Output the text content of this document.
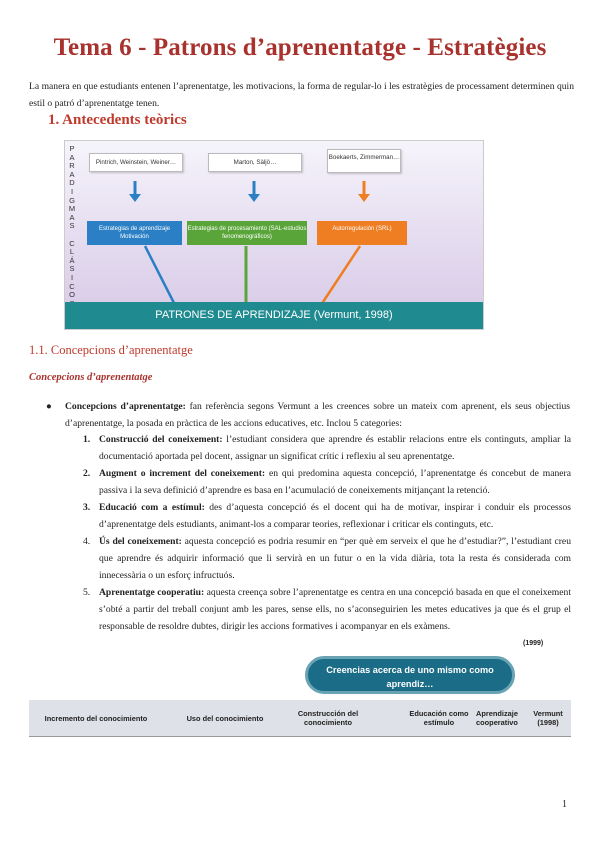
Tema 6 - Patrons d’aprenentatge - Estratègies
La manera en que estudiants entenen l’aprenentatge, les motivacions, la forma de regular-lo i les estratègies de processament determinen quin estil o patró d’aprenentatge tenen.
1. Antecedents teòrics
P
A
R
A
D
I
G
M
A
S

C
L
Á
S
I
C
O
Pintrich, Weinstein, Weiner…	Marton, Säljö…
Boekaerts, Zimmerman…
Estrategias de aprendizaje Motivación
Estrategias de procesamiento (SAL-estudios fenomenográficos)
Autorregulación (SRL)
PATRONES DE APRENDIZAJE (Vermunt, 1998)
1.1. Concepcions d’aprenentatge
Concepcions d’aprenentatge
● Concepcions d’aprenentatge: fan referència segons Vermunt a les creences sobre un mateix com aprenent, els seus objectius d’aprenentatge, la posada en pràctica de les accions educatives, etc. Inclou 5 categories:
1. Construcció del coneixement: l’estudiant considera que aprendre és establir relacions entre els continguts, ampliar la documentació aportada pel docent, assignar un significat crític i reflexiu al seu aprenentatge.
2. Augment o increment del coneixement: en qui predomina aquesta concepció, l’aprenentatge és concebut de manera passiva i la seva definició d’aprendre es basa en l’acumulació de coneixements mitjançant la retenció.
3. Educació com a estímul: des d’aquesta concepció és el docent qui ha de motivar, inspirar i conduir els processos d’aprenentatge dels estudiants, animant-los a comparar teories, reflexionar i criticar els continguts, etc.
4. Ús del coneixement: aquesta concepció es podria resumir en “per què em serveix el que he d’estudiar?”, l’estudiant creu que aprendre és adquirir informació que li servirà en un futur o en la vida diària, tota la resta és considerada com innecessària o un esforç infructuós.
5. Aprenentatge cooperatiu: aquesta creença sobre l’aprenentatge es centra en una concepció basada en que el coneixement s’obté a partir del treball conjunt amb les pares, sense ells, no s’aconseguirien les metes educatives ja que és el grup el responsable de resoldre dubtes, dirigir les accions formatives i acompanyar en els exàmens.
(1999)
Creencias acerca de uno mismo como aprendiz…
Incremento del conocimiento	Uso del conocimiento	Construcción del conocimiento
Educación como estímulo
Aprendizaje cooperativo
Vermunt (1998)
1
